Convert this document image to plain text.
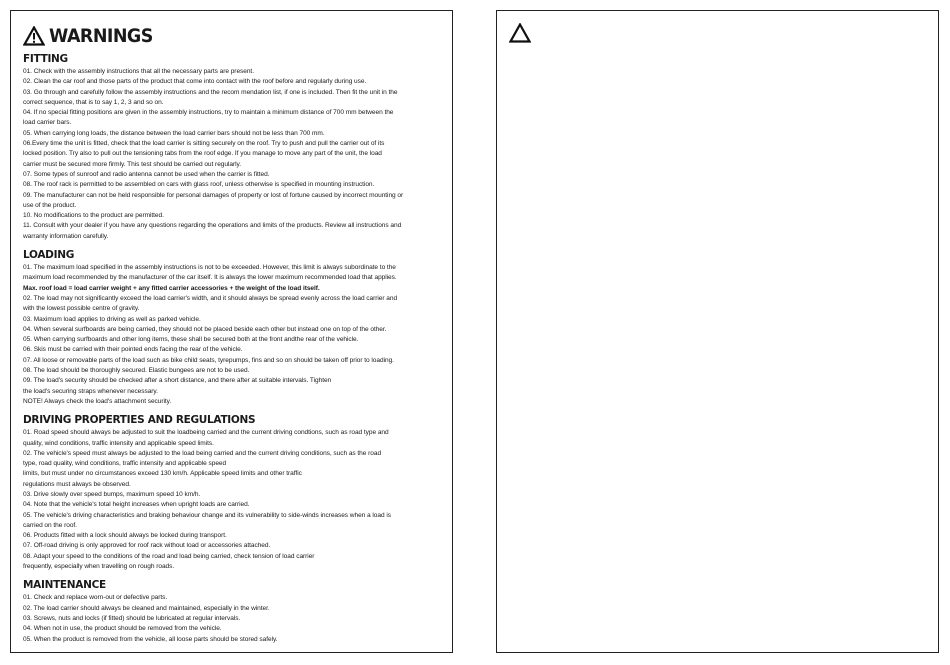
WARNINGS
FITTING

01. Check with the assembly instructions that all the necessary parts are present.

02. Clean the car roof and those parts of the product that come into contact with the roof before and regularly during use.

03. Go through and carefully follow the assembly instructions and the recom mendation list, if one is included. Then fit the unit in the

correct sequence, that is to say 1, 2, 3 and so on.

04. If no special fitting positions are given in the assembly instructions, try to maintain a minimum distance of 700 mm between the

load carrier bars.

05. When carrying long loads, the distance between the load carrier bars should not be less than 700 mm.

06.Every time the unit is fitted, check that the load carrier is sitting securely on the roof. Try to push and pull the carrier out of its

locked position. Try also to pull out the tensioning tabs from the roof edge. If you manage to move any part of the unit, the load

carrier must be secured more firmly. This test should be carried out regularly.

07. Some types of sunroof and radio antenna cannot be used when the carrier is fitted.

08. The roof rack is permitted to be assembled on cars with glass roof, unless otherwise is specified in mounting instruction.

09. The manufacturer can not be held responsible for personal damages of property or lost of fortune caused by incorrect mounting or

use of the product.

10. No modifications to the product are permitted.

11. Consult with your dealer if you have any questions regarding the operations and limits of the products. Review all instructions and

warranty information carefully.

LOADING

01. The maximum load specified in the assembly instructions is not to be exceeded. However, this limit is always subordinate to the

maximum load recommended by the manufacturer of the car itself. It is always the lower maximum recommended load that applies.

Max. roof load = load carrier weight + any fitted carrier accessories + the weight of the load itself.

02. The load may not significantly exceed the load carrier's width, and it should always be spread evenly across the load carrier and

with the lowest possible centre of gravity.

03. Maximum load applies to driving as well as parked vehicle.

04. When several surfboards are being carried, they should not be placed beside each other but instead one on top of the other.

05. When carrying surfboards and other long items, these shall be secured both at the front andthe rear of the vehicle.

06. Skis must be carried with their pointed ends facing the rear of the vehicle.

07. All loose or removable parts of the load such as bike child seats, tyrepumps, fins and so on should be taken off prior to loading.

08. The load should be thoroughly secured. Elastic bungees are not to be used.

09. The load's security should be checked after a short distance, and there after at suitable intervals. Tighten

the load's securing straps whenever necessary.

NOTE! Always check the load's attachment security.

DRIVING PROPERTIES AND REGULATIONS

01. Road speed should always be adjusted to suit the loadbeing carried and the current driving condtions, such as road type and

quality, wind conditions, traffic intensity and applicable speed limits.

02. The vehicle's speed must always be adjusted to the load being carried and the current driving conditions, such as the road

type, road quality, wind conditions, traffic intensity and applicable speed

limits, but must under no circumstances exceed 130 km/h. Applicable speed limits and other traffic

regulations must always be observed.

03. Drive slowly over speed bumps, maximum speed 10 km/h.

04. Note that the vehicle's total height increases when upright loads are carried.

05. The vehicle's driving characteristics and braking behaviour change and its vulnerability to side-winds increases when a load is

carried on the roof.

06. Products fitted with a lock should always be locked during transport.

07. Off-road driving is only approved for roof rack without load or accessories attached.

08. Adapt your speed to the conditions of the road and load being carried, check tension of load carrier

frequently, especially when travelling on rough roads.

MAINTENANCE

01. Check and replace worn-out or defective parts.

02. The load carrier should always be cleaned and maintained, especially in the winter.

03. Screws, nuts and locks (if fitted) should be lubricated at regular intervals.

04. When not in use, the product should be removed from the vehicle.

05. When the product is removed from the vehicle, all loose parts should be stored safely.
